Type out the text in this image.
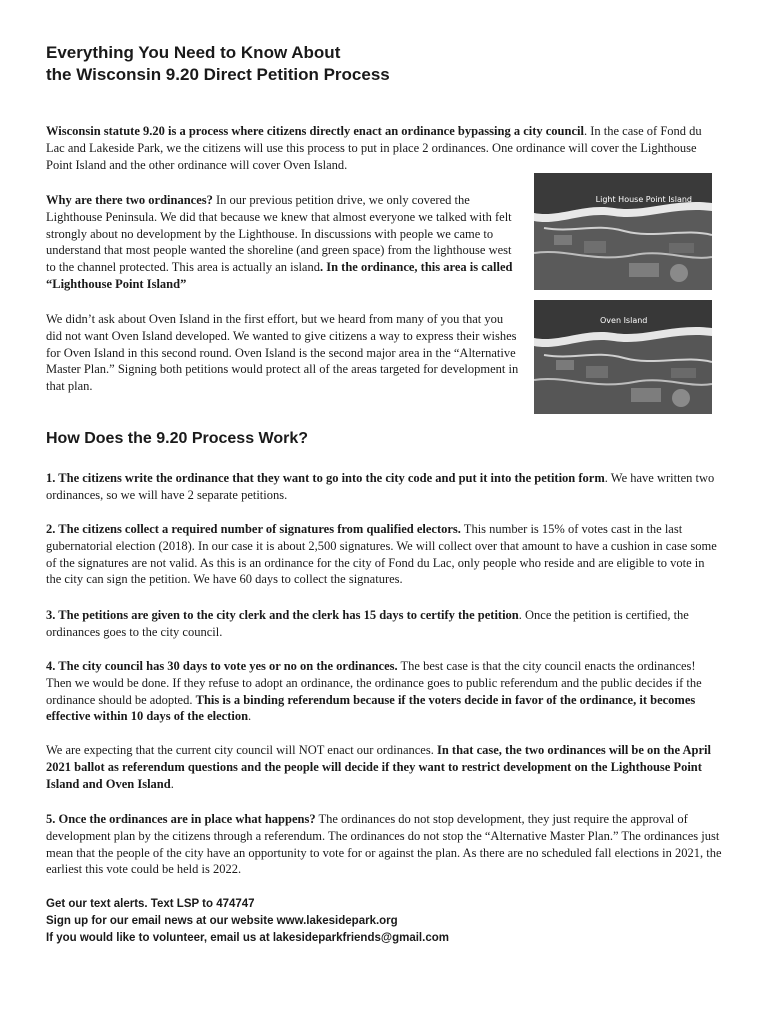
Everything You Need to Know About
the Wisconsin 9.20 Direct Petition Process
Wisconsin statute 9.20 is a process where citizens directly enact an ordinance bypassing a city council. In the case of Fond du Lac and Lakeside Park, we the citizens will use this process to put in place 2 ordinances. One ordinance will cover the Lighthouse Point Island and the other ordinance will cover Oven Island.
Why are there two ordinances? In our previous petition drive, we only covered the Lighthouse Peninsula. We did that because we knew that almost everyone we talked with felt strongly about no development by the Lighthouse. In discussions with people we came to understand that most people wanted the shoreline (and green space) from the lighthouse west to the channel protected. This area is actually an island. In the ordinance, this area is called “Lighthouse Point Island”
We didn’t ask about Oven Island in the first effort, but we heard from many of you that you did not want Oven Island developed. We wanted to give citizens a way to express their wishes for Oven Island in this second round. Oven Island is the second major area in the “Alternative Master Plan.” Signing both petitions would protect all of the areas targeted for development in that plan.
Light House Point Island
Oven Island
How Does the 9.20 Process Work?
1. The citizens write the ordinance that they want to go into the city code and put it into the petition form. We have written two ordinances, so we will have 2 separate petitions.
2. The citizens collect a required number of signatures from qualified electors. This number is 15% of votes cast in the last gubernatorial election (2018). In our case it is about 2,500 signatures. We will collect over that amount to have a cushion in case some of the signatures are not valid. As this is an ordinance for the city of Fond du Lac, only people who reside and are eligible to vote in the city can sign the petition. We have 60 days to collect the signatures.
3. The petitions are given to the city clerk and the clerk has 15 days to certify the petition. Once the petition is certified, the ordinances goes to the city council.
4. The city council has 30 days to vote yes or no on the ordinances. The best case is that the city council enacts the ordinances! Then we would be done. If they refuse to adopt an ordinance, the ordinance goes to public referendum and the public decides if the ordinance should be adopted. This is a binding referendum because if the voters decide in favor of the ordinance, it becomes effective within 10 days of the election.
We are expecting that the current city council will NOT enact our ordinances. In that case, the two ordinances will be on the April 2021 ballot as referendum questions and the people will decide if they want to restrict development on the Lighthouse Point Island and Oven Island.
5. Once the ordinances are in place what happens? The ordinances do not stop development, they just require the approval of development plan by the citizens through a referendum. The ordinances do not stop the “Alternative Master Plan.” The ordinances just mean that the people of the city have an opportunity to vote for or against the plan. As there are no scheduled fall elections in 2021, the earliest this vote could be held is 2022.
Get our text alerts. Text LSP to 474747
Sign up for our email news at our website www.lakesidepark.org
If you would like to volunteer, email us at lakesideparkfriends@gmail.com
